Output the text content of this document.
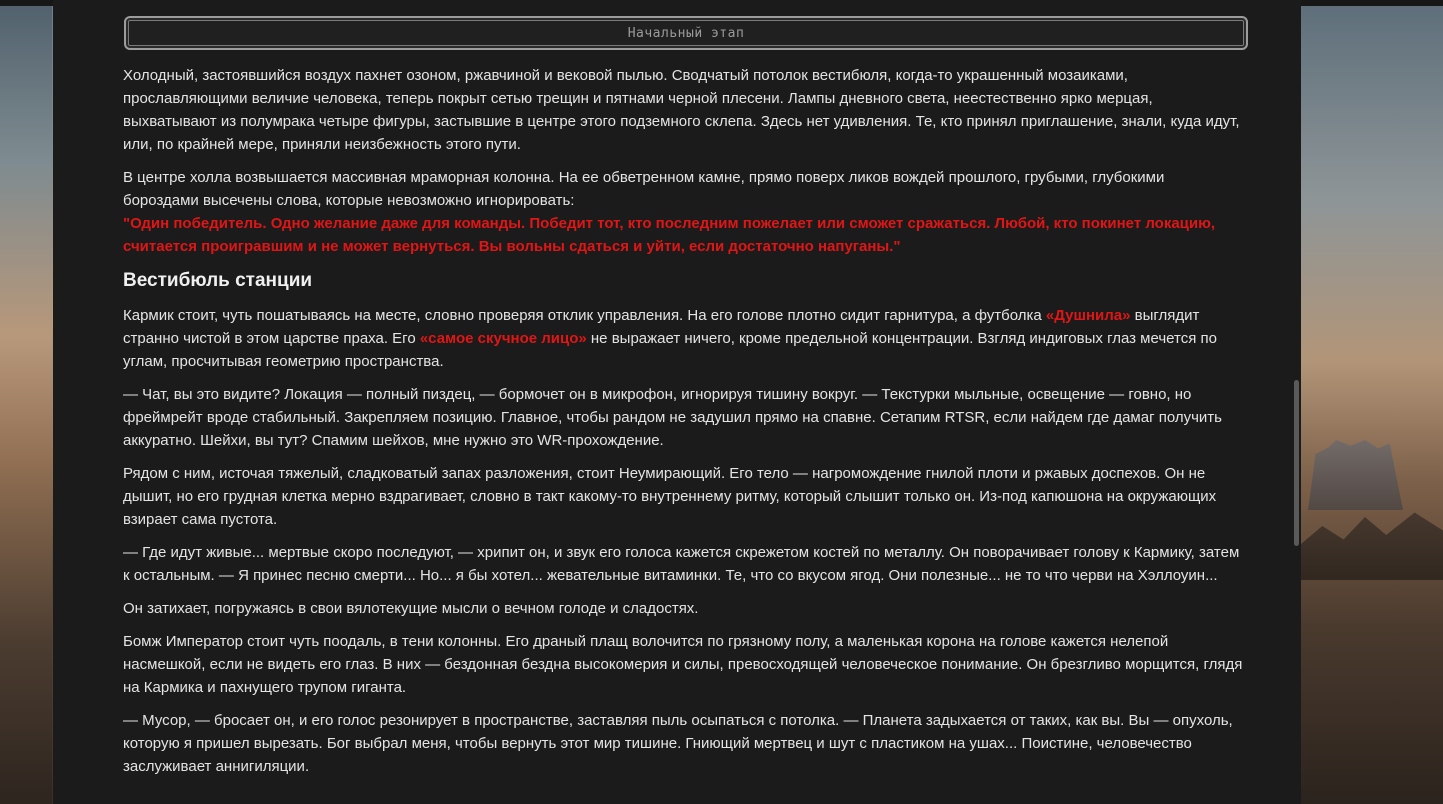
Начальный этап

Холодный, застоявшийся воздух пахнет озоном, ржавчиной и вековой пылью. Сводчатый потолок вестибюля, когда-то украшенный мозаиками, прославляющими величие человека, теперь покрыт сетью трещин и пятнами черной плесени. Лампы дневного света, неестественно ярко мерцая, выхватывают из полумрака четыре фигуры, застывшие в центре этого подземного склепа. Здесь нет удивления. Те, кто принял приглашение, знали, куда идут, или, по крайней мере, приняли неизбежность этого пути.

В центре холла возвышается массивная мраморная колонна. На ее обветренном камне, прямо поверх ликов вождей прошлого, грубыми, глубокими бороздами высечены слова, которые невозможно игнорировать:
"Один победитель. Одно желание даже для команды. Победит тот, кто последним пожелает или сможет сражаться. Любой, кто покинет локацию, считается проигравшим и не может вернуться. Вы вольны сдаться и уйти, если достаточно напуганы."

Вестибюль станции

Кармик стоит, чуть пошатываясь на месте, словно проверяя отклик управления. На его голове плотно сидит гарнитура, а футболка «Душнила» выглядит странно чистой в этом царстве праха. Его «самое скучное лицо» не выражает ничего, кроме предельной концентрации. Взгляд индиговых глаз мечется по углам, просчитывая геометрию пространства.

— Чат, вы это видите? Локация — полный пиздец, — бормочет он в микрофон, игнорируя тишину вокруг. — Текстурки мыльные, освещение — говно, но фреймрейт вроде стабильный. Закрепляем позицию. Главное, чтобы рандом не задушил прямо на спавне. Сетапим RTSR, если найдем где дамаг получить аккуратно. Шейхи, вы тут? Спамим шейхов, мне нужно это WR-прохождение.

Рядом с ним, источая тяжелый, сладковатый запах разложения, стоит Неумирающий. Его тело — нагромождение гнилой плоти и ржавых доспехов. Он не дышит, но его грудная клетка мерно вздрагивает, словно в такт какому-то внутреннему ритму, который слышит только он. Из-под капюшона на окружающих взирает сама пустота.

— Где идут живые... мертвые скоро последуют, — хрипит он, и звук его голоса кажется скрежетом костей по металлу. Он поворачивает голову к Кармику, затем к остальным. — Я принес песню смерти... Но... я бы хотел... жевательные витаминки. Те, что со вкусом ягод. Они полезные... не то что черви на Хэллоуин...

Он затихает, погружаясь в свои вялотекущие мысли о вечном голоде и сладостях.

Бомж Император стоит чуть поодаль, в тени колонны. Его драный плащ волочится по грязному полу, а маленькая корона на голове кажется нелепой насмешкой, если не видеть его глаз. В них — бездонная бездна высокомерия и силы, превосходящей человеческое понимание. Он брезгливо морщится, глядя на Кармика и пахнущего трупом гиганта.

— Мусор, — бросает он, и его голос резонирует в пространстве, заставляя пыль осыпаться с потолка. — Планета задыхается от таких, как вы. Вы — опухоль, которую я пришел вырезать. Бог выбрал меня, чтобы вернуть этот мир тишине. Гниющий мертвец и шут с пластиком на ушах... Поистине, человечество заслуживает аннигиляции.
